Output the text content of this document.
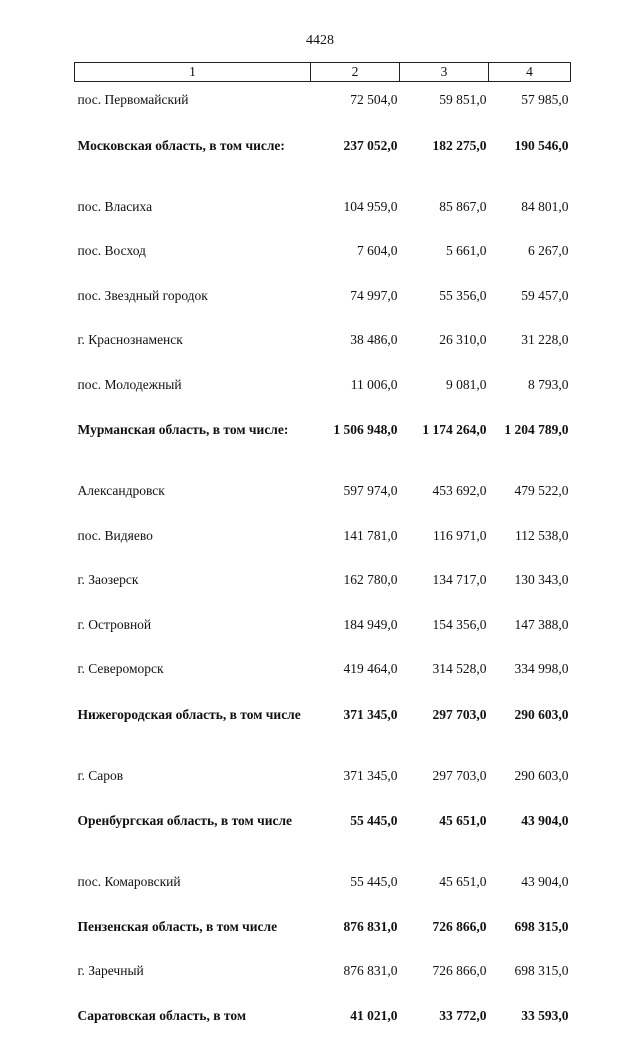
4428
1	2	3	4
пос. Первомайский	72 504,0	59 851,0	57 985,0
Московская область, в том числе:	237 052,0	182 275,0	190 546,0
пос. Власиха	104 959,0	85 867,0	84 801,0
пос. Восход	7 604,0	5 661,0	6 267,0
пос. Звездный городок	74 997,0	55 356,0	59 457,0
г. Краснознаменск	38 486,0	26 310,0	31 228,0
пос. Молодежный	11 006,0	9 081,0	8 793,0
Мурманская область, в том числе:	1 506 948,0	1 174 264,0	1 204 789,0
Александровск	597 974,0	453 692,0	479 522,0
пос. Видяево	141 781,0	116 971,0	112 538,0
г. Заозерск	162 780,0	134 717,0	130 343,0
г. Островной	184 949,0	154 356,0	147 388,0
г. Североморск	419 464,0	314 528,0	334 998,0
Нижегородская область, в том числе	371 345,0	297 703,0	290 603,0
г. Саров	371 345,0	297 703,0	290 603,0
Оренбургская область, в том числе	55 445,0	45 651,0	43 904,0
пос. Комаровский	55 445,0	45 651,0	43 904,0
Пензенская область, в том числе	876 831,0	726 866,0	698 315,0
г. Заречный	876 831,0	726 866,0	698 315,0
Саратовская область, в том	41 021,0	33 772,0	33 593,0
